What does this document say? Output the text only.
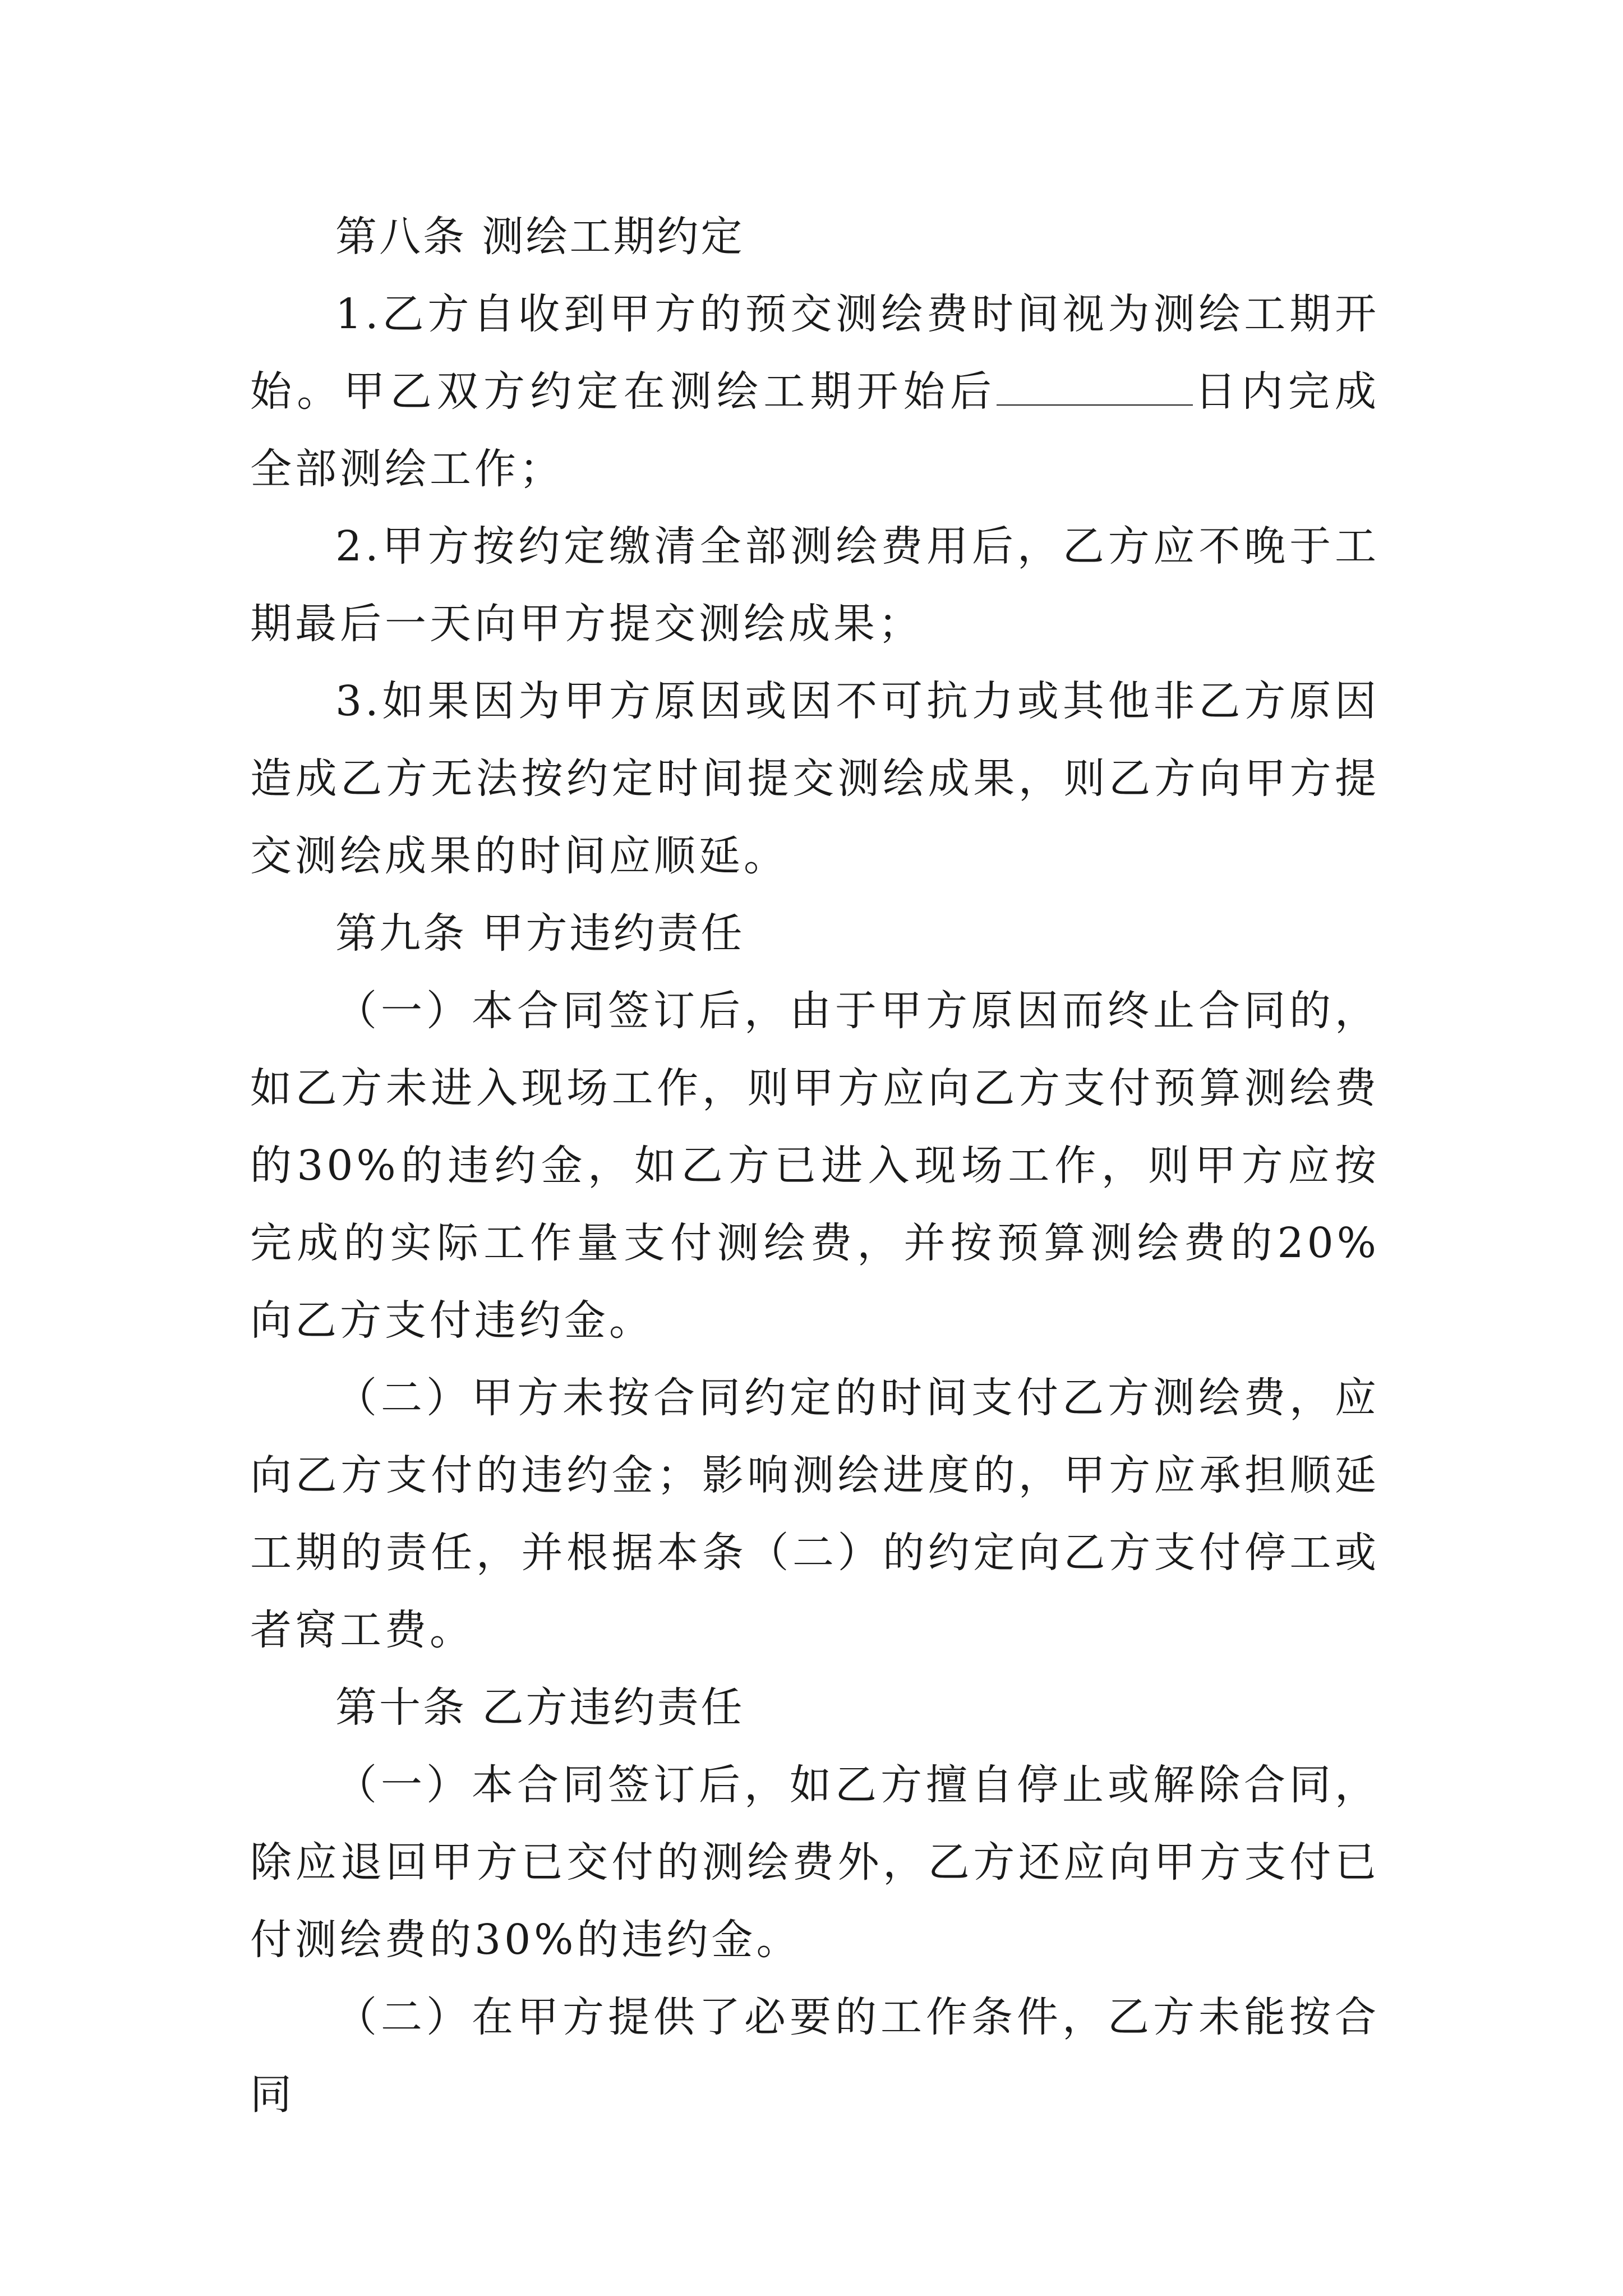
第八条 测绘工期约定

1.乙方自收到甲方的预交测绘费时间视为测绘工期开始。甲乙双方约定在测绘工期开始后	日内完成全部测绘工作；

2.甲方按约定缴清全部测绘费用后，乙方应不晚于工期最后一天向甲方提交测绘成果；

3.如果因为甲方原因或因不可抗力或其他非乙方原因造成乙方无法按约定时间提交测绘成果，则乙方向甲方提交测绘成果的时间应顺延。

第九条 甲方违约责任

（一）本合同签订后，由于甲方原因而终止合同的，如乙方未进入现场工作，则甲方应向乙方支付预算测绘费的30%的违约金，如乙方已进入现场工作，则甲方应按完成的实际工作量支付测绘费，并按预算测绘费的20%向乙方支付违约金。

（二）甲方未按合同约定的时间支付乙方测绘费，应向乙方支付的违约金；影响测绘进度的，甲方应承担顺延工期的责任，并根据本条（二）的约定向乙方支付停工或者窝工费。

第十条 乙方违约责任

（一）本合同签订后，如乙方擅自停止或解除合同，除应退回甲方已交付的测绘费外，乙方还应向甲方支付已付测绘费的30%的违约金。

（二）在甲方提供了必要的工作条件，乙方未能按合同
